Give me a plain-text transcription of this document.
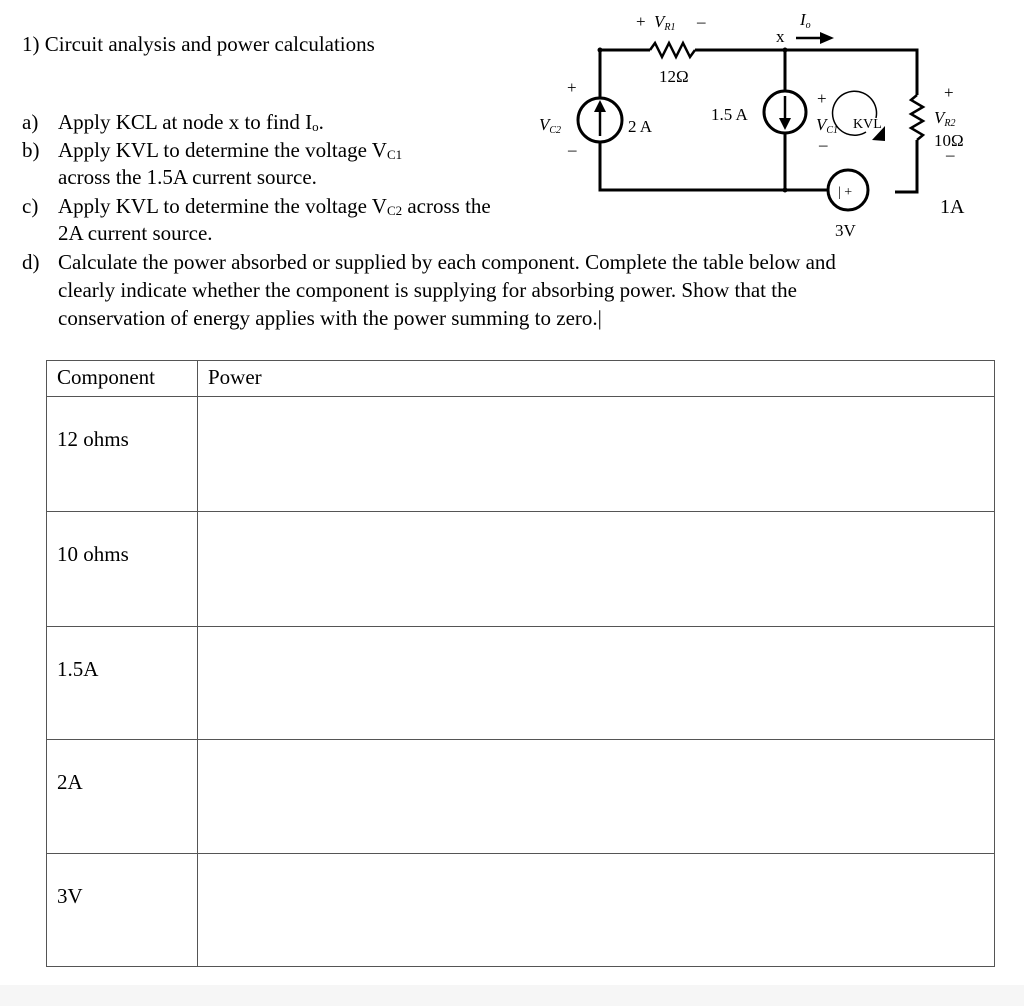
1) Circuit analysis and power calculations
a) Apply KCL at node x to find $I_o$.
b) Apply KVL to determine the voltage $V_{C1}$
across the 1.5A current source.
c) Apply KVL to determine the voltage $V_{C2}$ across the
2A current source.
d) Calculate the power absorbed or supplied by each component. Complete the table below and
clearly indicate whether the component is supplying for absorbing power. Show that the
conservation of energy applies with the power summing to zero.|
+ VR1 –
12Ω
x
Io
+
VC2
–
2 A
1.5 A
+
VC1
–
KVL
+
VR2
10Ω
–
| +
3V
1A
Component	Power
12 ohms	
10 ohms	
1.5A	
2A	
3V	
